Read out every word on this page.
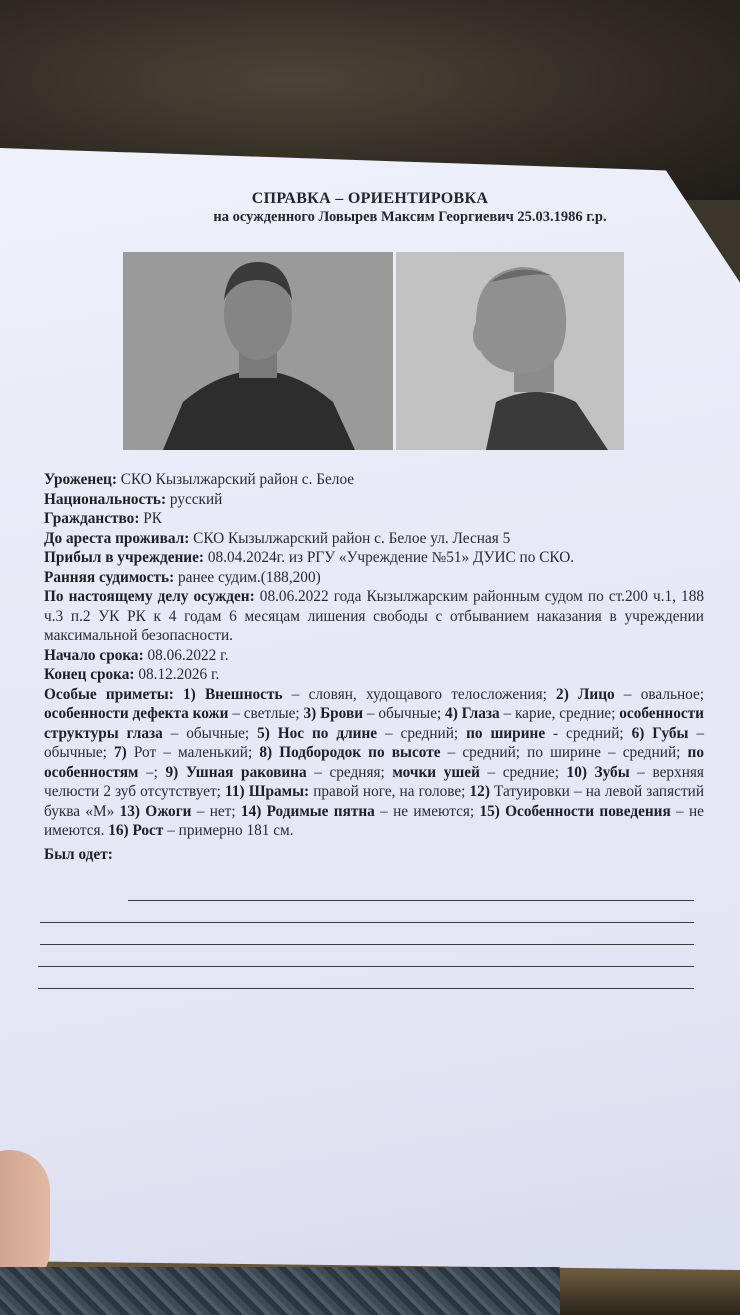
СПРАВКА – ОРИЕНТИРОВКА
на осужденного Ловырев Максим Георгиевич 25.03.1986 г.р.

Уроженец: СКО Кызылжарский район с. Белое

Национальность: русский

Гражданство: РК

До ареста проживал: СКО Кызылжарский район с. Белое ул. Лесная 5

Прибыл в учреждение: 08.04.2024г. из РГУ «Учреждение №51» ДУИС по СКО.

Ранняя судимость: ранее судим.(188,200)

По настоящему делу осужден: 08.06.2022 года Кызылжарским районным судом по ст.200 ч.1, 188 ч.3 п.2 УК РК к 4 годам 6 месяцам лишения свободы с отбыванием наказания в учреждении максимальной безопасности.

Начало срока: 08.06.2022 г.

Конец срока: 08.12.2026 г.

Особые приметы: 1) Внешность – словян, худощавого телосложения; 2) Лицо – овальное; особенности дефекта кожи – светлые; 3) Брови – обычные; 4) Глаза – карие, средние; особенности структуры глаза – обычные; 5) Нос по длине – средний; по ширине - средний; 6) Губы – обычные; 7) Рот – маленький; 8) Подбородок по высоте – средний; по ширине – средний; по особенностям –; 9) Ушная раковина – средняя; мочки ушей – средние; 10) Зубы – верхняя челюсти 2 зуб отсутствует; 11) Шрамы: правой ноге, на голове; 12) Татуировки – на левой запястий буква «М» 13) Ожоги – нет; 14) Родимые пятна – не имеются; 15) Особенности поведения – не имеются. 16) Рост – примерно 181 см.

Был одет:
